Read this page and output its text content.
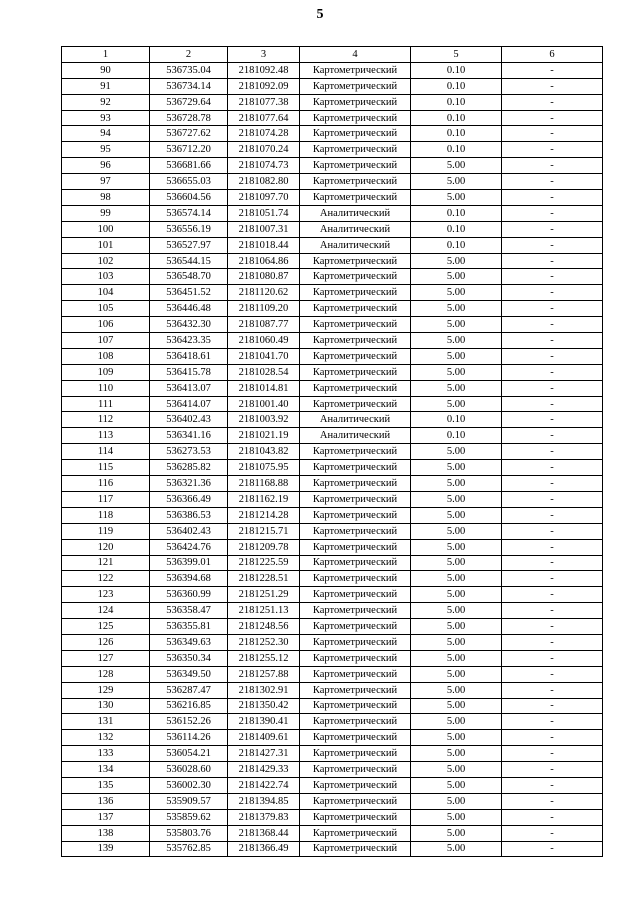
5
1	2	3	4	5	6
90	536735.04	2181092.48	Картометрический	0.10	-
91	536734.14	2181092.09	Картометрический	0.10	-
92	536729.64	2181077.38	Картометрический	0.10	-
93	536728.78	2181077.64	Картометрический	0.10	-
94	536727.62	2181074.28	Картометрический	0.10	-
95	536712.20	2181070.24	Картометрический	0.10	-
96	536681.66	2181074.73	Картометрический	5.00	-
97	536655.03	2181082.80	Картометрический	5.00	-
98	536604.56	2181097.70	Картометрический	5.00	-
99	536574.14	2181051.74	Аналитический	0.10	-
100	536556.19	2181007.31	Аналитический	0.10	-
101	536527.97	2181018.44	Аналитический	0.10	-
102	536544.15	2181064.86	Картометрический	5.00	-
103	536548.70	2181080.87	Картометрический	5.00	-
104	536451.52	2181120.62	Картометрический	5.00	-
105	536446.48	2181109.20	Картометрический	5.00	-
106	536432.30	2181087.77	Картометрический	5.00	-
107	536423.35	2181060.49	Картометрический	5.00	-
108	536418.61	2181041.70	Картометрический	5.00	-
109	536415.78	2181028.54	Картометрический	5.00	-
110	536413.07	2181014.81	Картометрический	5.00	-
111	536414.07	2181001.40	Картометрический	5.00	-
112	536402.43	2181003.92	Аналитический	0.10	-
113	536341.16	2181021.19	Аналитический	0.10	-
114	536273.53	2181043.82	Картометрический	5.00	-
115	536285.82	2181075.95	Картометрический	5.00	-
116	536321.36	2181168.88	Картометрический	5.00	-
117	536366.49	2181162.19	Картометрический	5.00	-
118	536386.53	2181214.28	Картометрический	5.00	-
119	536402.43	2181215.71	Картометрический	5.00	-
120	536424.76	2181209.78	Картометрический	5.00	-
121	536399.01	2181225.59	Картометрический	5.00	-
122	536394.68	2181228.51	Картометрический	5.00	-
123	536360.99	2181251.29	Картометрический	5.00	-
124	536358.47	2181251.13	Картометрический	5.00	-
125	536355.81	2181248.56	Картометрический	5.00	-
126	536349.63	2181252.30	Картометрический	5.00	-
127	536350.34	2181255.12	Картометрический	5.00	-
128	536349.50	2181257.88	Картометрический	5.00	-
129	536287.47	2181302.91	Картометрический	5.00	-
130	536216.85	2181350.42	Картометрический	5.00	-
131	536152.26	2181390.41	Картометрический	5.00	-
132	536114.26	2181409.61	Картометрический	5.00	-
133	536054.21	2181427.31	Картометрический	5.00	-
134	536028.60	2181429.33	Картометрический	5.00	-
135	536002.30	2181422.74	Картометрический	5.00	-
136	535909.57	2181394.85	Картометрический	5.00	-
137	535859.62	2181379.83	Картометрический	5.00	-
138	535803.76	2181368.44	Картометрический	5.00	-
139	535762.85	2181366.49	Картометрический	5.00	-
